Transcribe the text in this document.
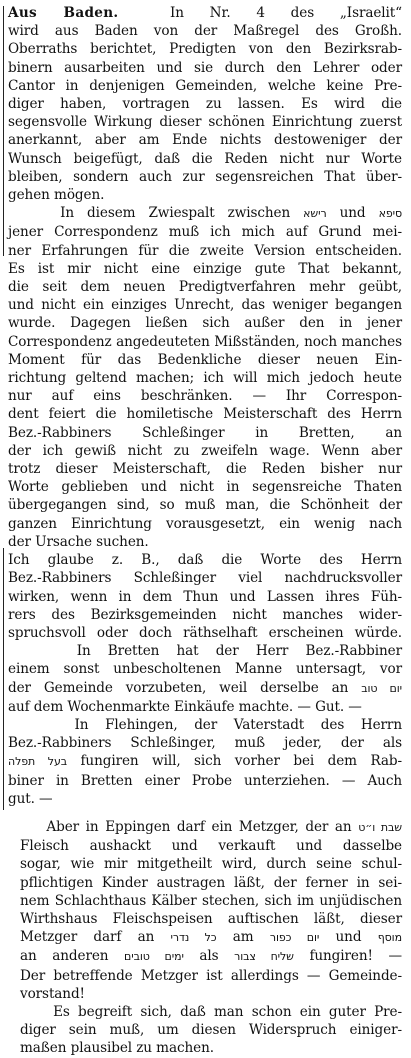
Aus Baden.	In Nr. 4 des „Israelit“
wird aus Baden von der Maßregel des Großh.
Oberraths berichtet, Predigten von den Bezirksrab-
binern ausarbeiten und sie durch den Lehrer oder
Cantor in denjenigen Gemeinden, welche keine Pre-
diger haben, vortragen zu lassen. Es wird die
segensvolle Wirkung dieser schönen Einrichtung zuerst
anerkannt, aber am Ende nichts destoweniger der
Wunsch beigefügt, daß die Reden nicht nur Worte
bleiben, sondern auch zur segensreichen That über-
gehen mögen.

In diesem Zwiespalt zwischen רישא und סיפא
jener Correspondenz muß ich mich auf Grund mei-
ner Erfahrungen für die zweite Version entscheiden.
Es ist mir nicht eine einzige gute That bekannt,
die seit dem neuen Predigtverfahren mehr geübt,
und nicht ein einziges Unrecht, das weniger begangen
wurde. Dagegen ließen sich außer den in jener
Correspondenz angedeuteten Mißständen, noch manches
Moment für das Bedenkliche dieser neuen Ein-
richtung geltend machen; ich will mich jedoch heute
nur auf eins beschränken. — Ihr Correspon-
dent feiert die homiletische Meisterschaft des Herrn
Bez.-Rabbiners Schleßinger in Bretten, an
der ich gewiß nicht zu zweifeln wage. Wenn aber
trotz dieser Meisterschaft, die Reden bisher nur
Worte geblieben und nicht in segensreiche Thaten
übergegangen sind, so muß man, die Schönheit der
ganzen Einrichtung vorausgesetzt, ein wenig nach
der Ursache suchen.

Ich glaube z. B., daß die Worte des Herrn
Bez.-Rabbiners Schleßinger viel nachdrucksvoller
wirken, wenn in dem Thun und Lassen ihres Füh-
rers des Bezirksgemeinden nicht manches wider-
spruchsvoll oder doch räthselhaft erscheinen würde.

In Bretten hat der Herr Bez.-Rabbiner
einem sonst unbescholtenen Manne untersagt, vor
der Gemeinde vorzubeten, weil derselbe an יום טוב
auf dem Wochenmarkte Einkäufe machte. — Gut. —

In Flehingen, der Vaterstadt des Herrn
Bez.-Rabbiners Schleßinger, muß jeder, der als
בעל תפלה fungiren will, sich vorher bei dem Rab-
biner in Bretten einer Probe unterziehen. — Auch
gut. —

Aber in Eppingen darf ein Metzger, der an שבת ו״ט
Fleisch aushackt und verkauft und dasselbe
sogar, wie mir mitgetheilt wird, durch seine schul-
pflichtigen Kinder austragen läßt, der ferner in sei-
nem Schlachthaus Kälber stechen, sich im unjüdischen
Wirthshaus Fleischspeisen auftischen läßt, dieser
Metzger darf an כל נדרי am יום כפור und מוסף
an anderen ימים טובים als שליח צבור fungiren! —
Der betreffende Metzger ist allerdings — Gemeinde-
vorstand!

Es begreift sich, daß man schon ein guter Pre-
diger sein muß, um diesen Widerspruch einiger-
maßen plausibel zu machen.
